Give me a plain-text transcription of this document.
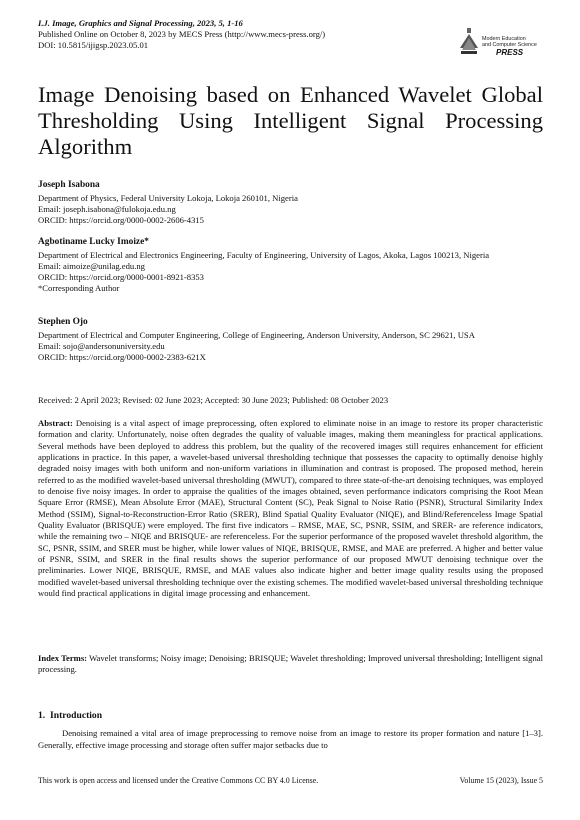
I.J. Image, Graphics and Signal Processing, 2023, 5, 1-16
Published Online on October 8, 2023 by MECS Press (http://www.mecs-press.org/)
DOI: 10.5815/ijigsp.2023.05.01
Modern Education
and Computer Science
PRESS
Image Denoising based on Enhanced Wavelet Global Thresholding Using Intelligent Signal Processing Algorithm
Joseph Isabona
Department of Physics, Federal University Lokoja, Lokoja 260101, Nigeria
Email: joseph.isabona@fulokoja.edu.ng
ORCID: https://orcid.org/0000-0002-2606-4315
Agbotiname Lucky Imoize*
Department of Electrical and Electronics Engineering, Faculty of Engineering, University of Lagos, Akoka, Lagos 100213, Nigeria
Email: aimoize@unilag.edu.ng
ORCID: https://orcid.org/0000-0001-8921-8353
*Corresponding Author
Stephen Ojo
Department of Electrical and Computer Engineering, College of Engineering, Anderson University, Anderson, SC 29621, USA
Email: sojo@andersonuniversity.edu
ORCID: https://orcid.org/0000-0002-2383-621X
Received: 2 April 2023; Revised: 02 June 2023; Accepted: 30 June 2023; Published: 08 October 2023
Abstract: Denoising is a vital aspect of image preprocessing, often explored to eliminate noise in an image to restore its proper characteristic formation and clarity. Unfortunately, noise often degrades the quality of valuable images, making them meaningless for practical applications. Several methods have been deployed to address this problem, but the quality of the recovered images still requires enhancement for efficient applications in practice. In this paper, a wavelet-based universal thresholding technique that possesses the capacity to optimally denoise highly degraded noisy images with both uniform and non-uniform variations in illumination and contrast is proposed. The proposed method, herein referred to as the modified wavelet-based universal thresholding (MWUT), compared to three state-of-the-art denoising techniques, was employed to denoise five noisy images. In order to appraise the qualities of the images obtained, seven performance indicators comprising the Root Mean Square Error (RMSE), Mean Absolute Error (MAE), Structural Content (SC), Peak Signal to Noise Ratio (PSNR), Structural Similarity Index Method (SSIM), Signal-to-Reconstruction-Error Ratio (SRER), Blind Spatial Quality Evaluator (NIQE), and Blind/Referenceless Image Spatial Quality Evaluator (BRISQUE) were employed. The first five indicators – RMSE, MAE, SC, PSNR, SSIM, and SRER- are reference indicators, while the remaining two – NIQE and BRISQUE- are referenceless. For the superior performance of the proposed wavelet threshold algorithm, the SC, PSNR, SSIM, and SRER must be higher, while lower values of NIQE, BRISQUE, RMSE, and MAE are preferred. A higher and better value of PSNR, SSIM, and SRER in the final results shows the superior performance of our proposed MWUT denoising technique over the preliminaries. Lower NIQE, BRISQUE, RMSE, and MAE values also indicate higher and better image quality results using the proposed modified wavelet-based universal thresholding technique over the existing schemes. The modified wavelet-based universal thresholding technique would find practical applications in digital image processing and enhancement.
Index Terms: Wavelet transforms; Noisy image; Denoising; BRISQUE; Wavelet thresholding; Improved universal thresholding; Intelligent signal processing.
1. Introduction
Denoising remained a vital area of image preprocessing to remove noise from an image to restore its proper formation and nature [1–3]. Generally, effective image processing and storage often suffer major setbacks due to
This work is open access and licensed under the Creative Commons CC BY 4.0 License.	Volume 15 (2023), Issue 5
